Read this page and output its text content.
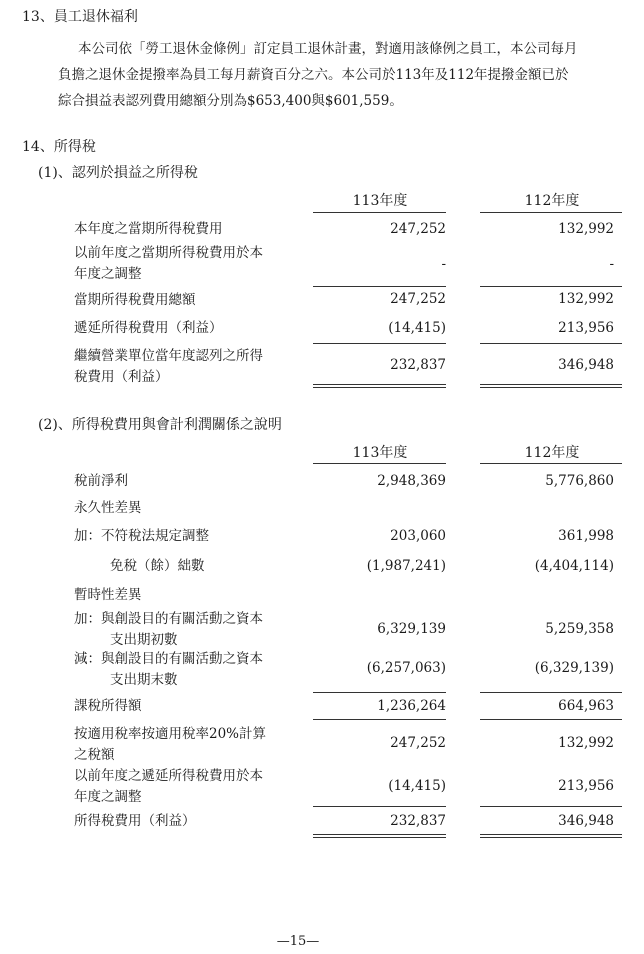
13、員工退休福利
本公司依「勞工退休金條例」訂定員工退休計畫，對適用該條例之員工，本公司每月
負擔之退休金提撥率為員工每月薪資百分之六。本公司於113年及112年提撥金額已於
綜合損益表認列費用總額分別為$653,400與$601,559。
14、所得稅
(1)、認列於損益之所得稅
113年度	112年度
本年度之當期所得稅費用	247,252	132,992
以前年度之當期所得稅費用於本
年度之調整
-	-
當期所得稅費用總額	247,252	132,992
遞延所得稅費用（利益）	(14,415)	213,956
繼續營業單位當年度認列之所得
稅費用（利益）
232,837	346,948
(2)、所得稅費用與會計利潤關係之說明
113年度	112年度
稅前淨利	2,948,369	5,776,860
永久性差異
加：不符稅法規定調整	203,060	361,998
免稅（餘）絀數	(1,987,241)	(4,404,114)
暫時性差異
加：與創設目的有關活動之資本
支出期初數
6,329,139	5,259,358
減：與創設目的有關活動之資本
支出期末數
(6,257,063)	(6,329,139)
課稅所得額	1,236,264	664,963
按適用稅率按適用稅率20%計算
之稅額
247,252	132,992
以前年度之遞延所得稅費用於本
年度之調整
(14,415)	213,956
所得稅費用（利益）	232,837	346,948
—15—
